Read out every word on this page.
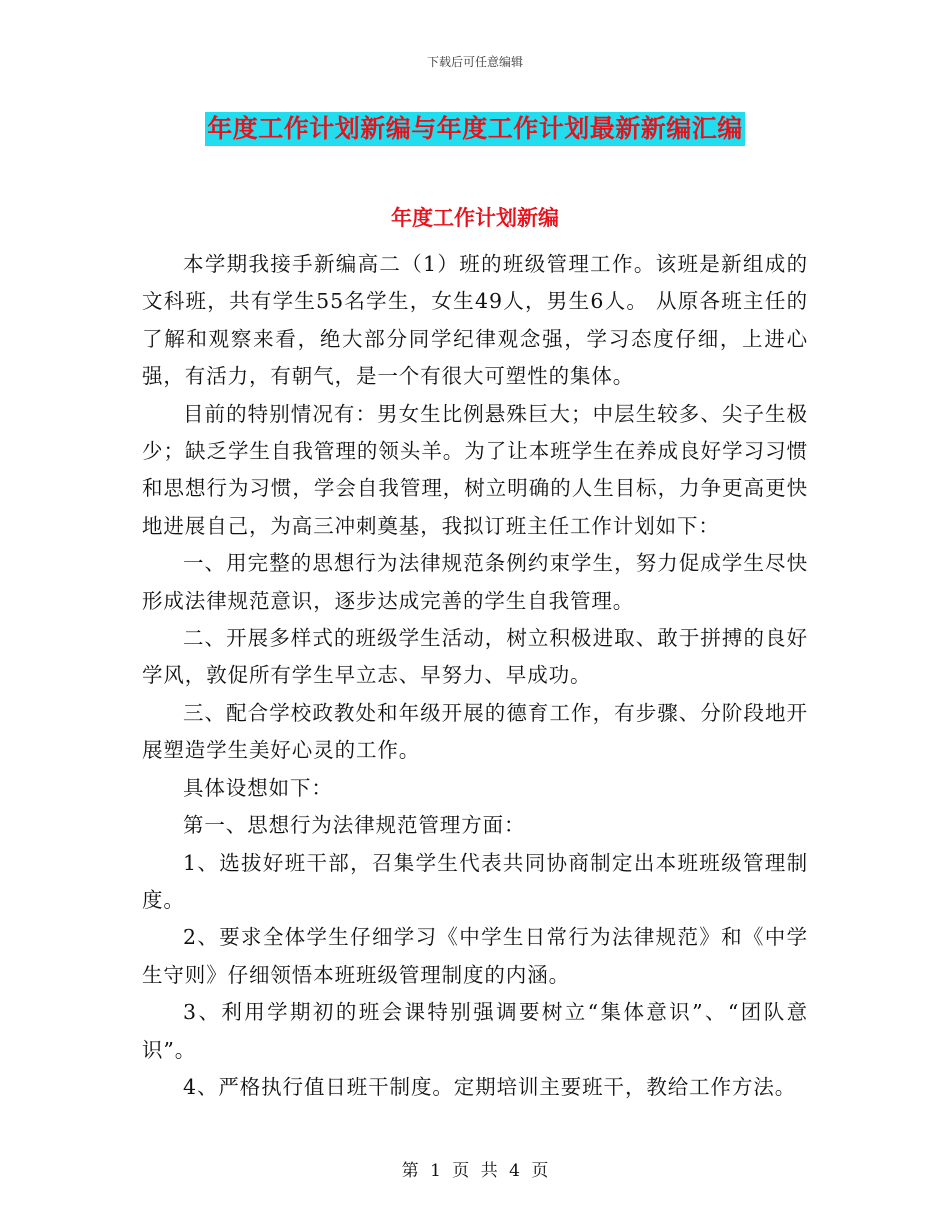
下载后可任意编辑
年度工作计划新编与年度工作计划最新新编汇编
年度工作计划新编

本学期我接手新编高二（1）班的班级管理工作。该班是新组成的文科班，共有学生55名学生，女生49人，男生6人。 从原各班主任的了解和观察来看，绝大部分同学纪律观念强，学习态度仔细，上进心强，有活力，有朝气，是一个有很大可塑性的集体。

目前的特别情况有：男女生比例悬殊巨大；中层生较多、尖子生极少；缺乏学生自我管理的领头羊。为了让本班学生在养成良好学习习惯和思想行为习惯，学会自我管理，树立明确的人生目标，力争更高更快地进展自己，为高三冲刺奠基，我拟订班主任工作计划如下：

一、用完整的思想行为法律规范条例约束学生，努力促成学生尽快形成法律规范意识，逐步达成完善的学生自我管理。

二、开展多样式的班级学生活动，树立积极进取、敢于拼搏的良好学风，敦促所有学生早立志、早努力、早成功。

三、配合学校政教处和年级开展的德育工作，有步骤、分阶段地开展塑造学生美好心灵的工作。

具体设想如下：

第一、思想行为法律规范管理方面：

1、选拔好班干部，召集学生代表共同协商制定出本班班级管理制度。

2、要求全体学生仔细学习《中学生日常行为法律规范》和《中学生守则》仔细领悟本班班级管理制度的内涵。

3、利用学期初的班会课特别强调要树立“集体意识”、“团队意识”。

4、严格执行值日班干制度。定期培训主要班干，教给工作方法。

第 1 页 共 4 页
